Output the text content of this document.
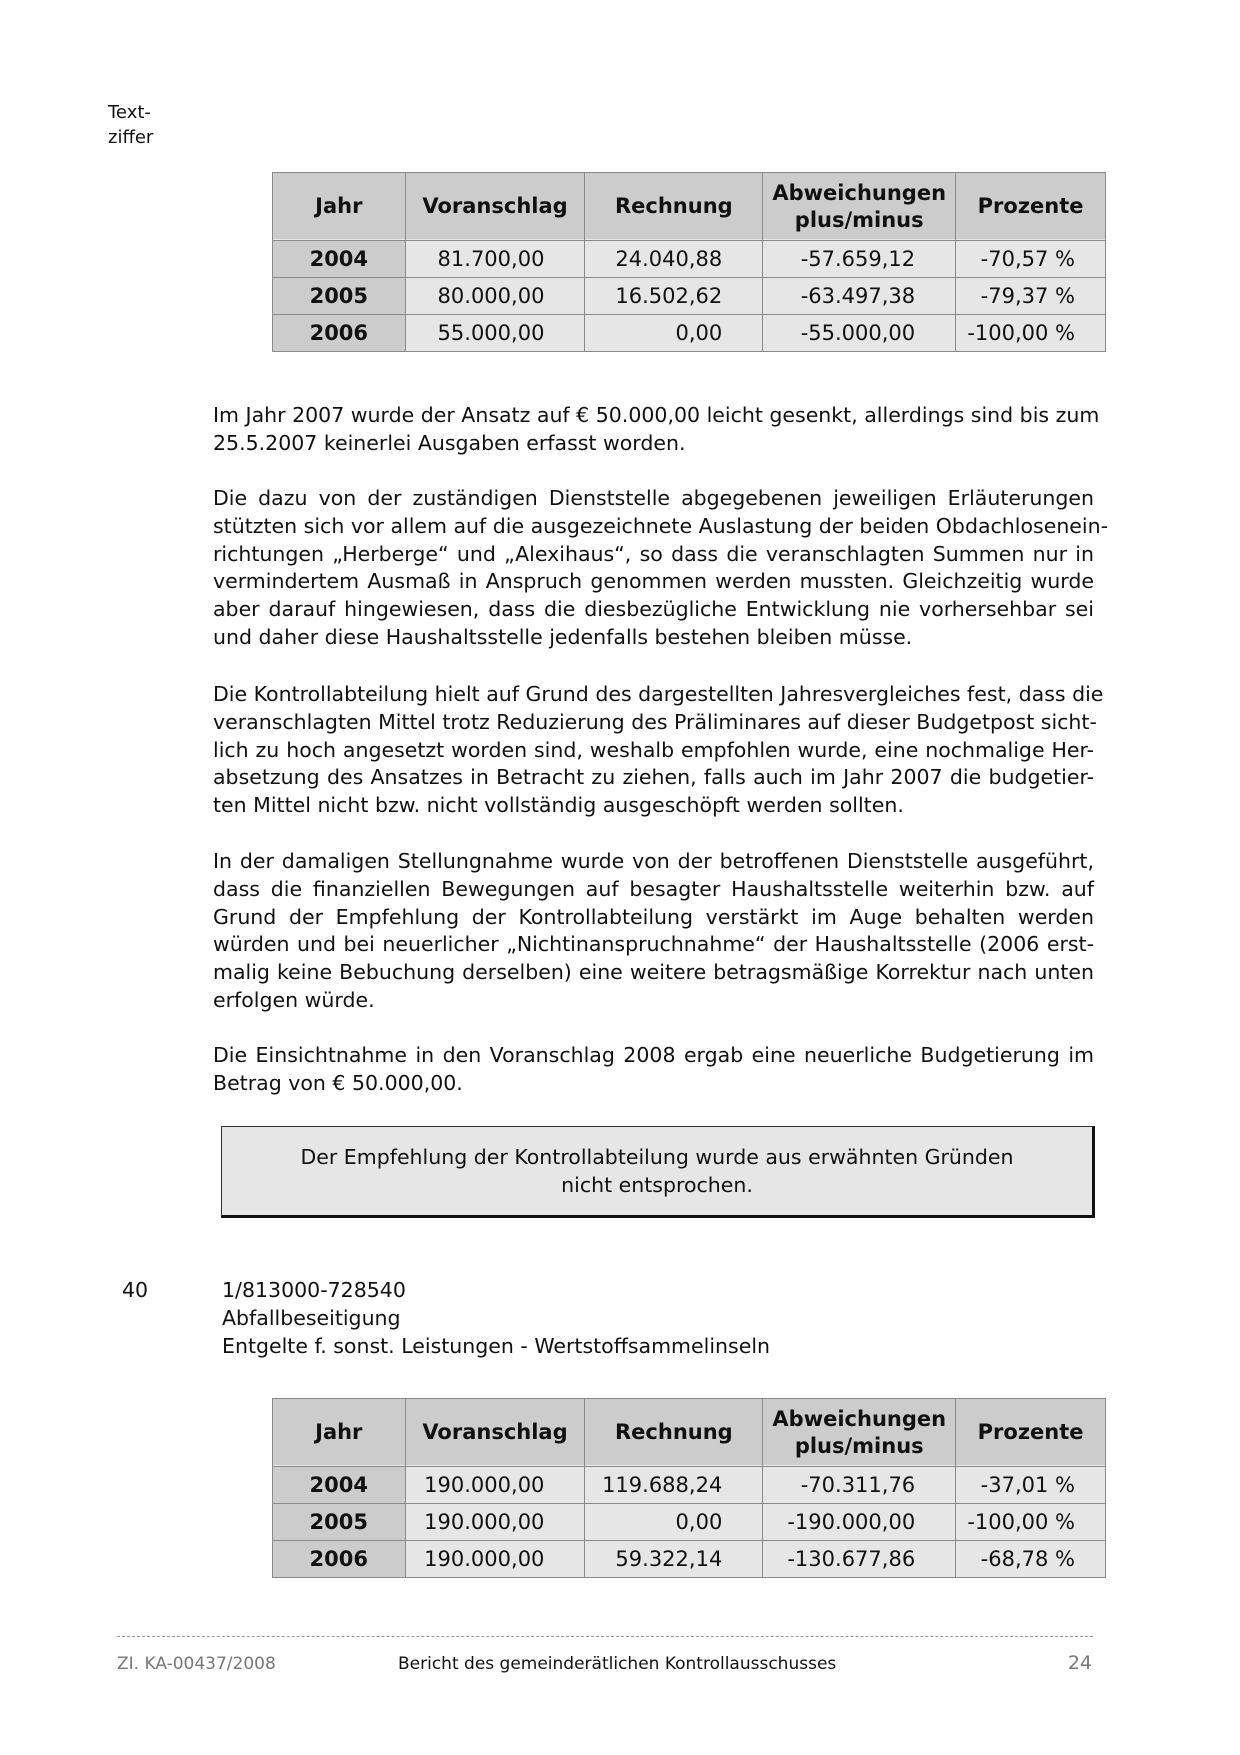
Text-
ziffer
Jahr	Voranschlag	Rechnung	Abweichungen
plus/minus	Prozente
2004	81.700,00	24.040,88	-57.659,12	-70,57 %
2005	80.000,00	16.502,62	-63.497,38	-79,37 %
2006	55.000,00	0,00	-55.000,00	-100,00 %
Im Jahr 2007 wurde der Ansatz auf € 50.000,00 leicht gesenkt, allerdings sind bis zum
25.5.2007 keinerlei Ausgaben erfasst worden.
Die dazu von der zuständigen Dienststelle abgegebenen jeweiligen Erläuterungen
stützten sich vor allem auf die ausgezeichnete Auslastung der beiden Obdachlosenein-
richtungen „Herberge“ und „Alexihaus“, so dass die veranschlagten Summen nur in
vermindertem Ausmaß in Anspruch genommen werden mussten. Gleichzeitig wurde
aber darauf hingewiesen, dass die diesbezügliche Entwicklung nie vorhersehbar sei
und daher diese Haushaltsstelle jedenfalls bestehen bleiben müsse.
Die Kontrollabteilung hielt auf Grund des dargestellten Jahresvergleiches fest, dass die
veranschlagten Mittel trotz Reduzierung des Präliminares auf dieser Budgetpost sicht-
lich zu hoch angesetzt worden sind, weshalb empfohlen wurde, eine nochmalige Her-
absetzung des Ansatzes in Betracht zu ziehen, falls auch im Jahr 2007 die budgetier-
ten Mittel nicht bzw. nicht vollständig ausgeschöpft werden sollten.
In der damaligen Stellungnahme wurde von der betroffenen Dienststelle ausgeführt,
dass die finanziellen Bewegungen auf besagter Haushaltsstelle weiterhin bzw. auf
Grund der Empfehlung der Kontrollabteilung verstärkt im Auge behalten werden
würden und bei neuerlicher „Nichtinanspruchnahme“ der Haushaltsstelle (2006 erst-
malig keine Bebuchung derselben) eine weitere betragsmäßige Korrektur nach unten
erfolgen würde.
Die Einsichtnahme in den Voranschlag 2008 ergab eine neuerliche Budgetierung im
Betrag von € 50.000,00.
Der Empfehlung der Kontrollabteilung wurde aus erwähnten Gründen
nicht entsprochen.
40	1/813000-728540
Abfallbeseitigung
Entgelte f. sonst. Leistungen - Wertstoffsammelinseln
Jahr	Voranschlag	Rechnung	Abweichungen
plus/minus	Prozente
2004	190.000,00	119.688,24	-70.311,76	-37,01 %
2005	190.000,00	0,00	-190.000,00	-100,00 %
2006	190.000,00	59.322,14	-130.677,86	-68,78 %
ZI. KA-00437/2008	Bericht des gemeinderätlichen Kontrollausschusses	24
